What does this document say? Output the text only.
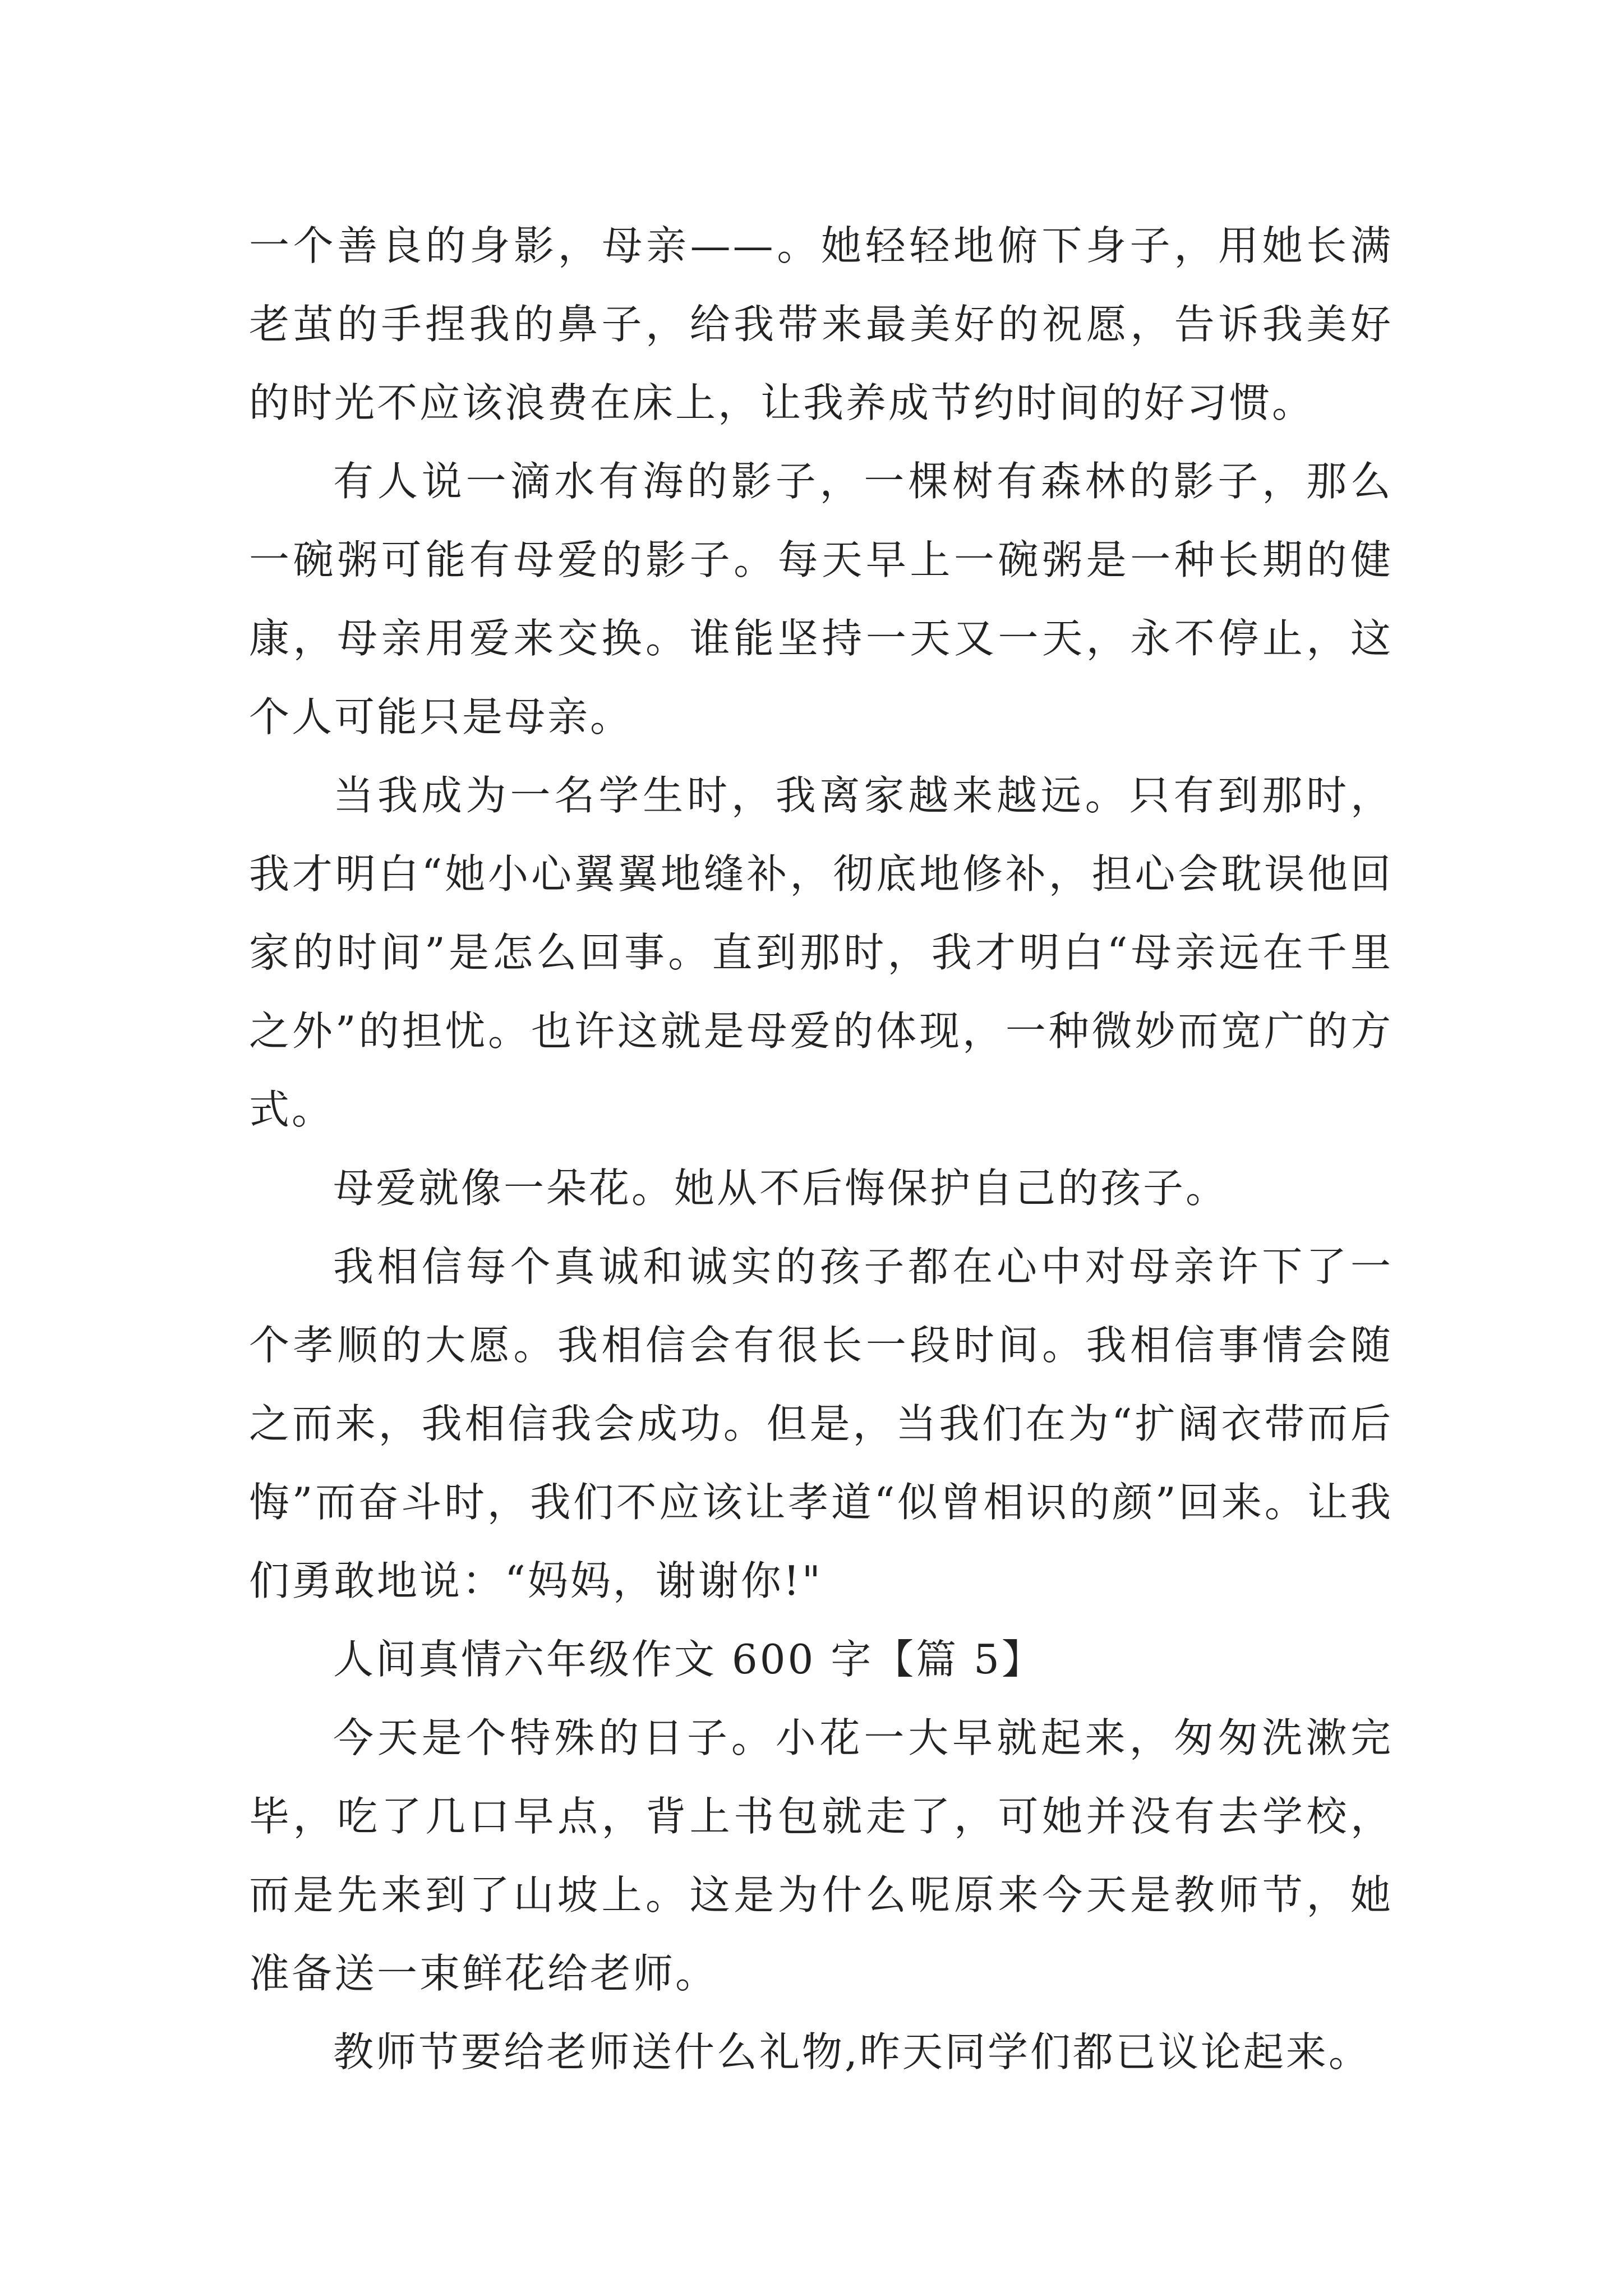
一个善良的身影，母亲——。她轻轻地俯下身子，用她长满老茧的手捏我的鼻子，给我带来最美好的祝愿，告诉我美好的时光不应该浪费在床上，让我养成节约时间的好习惯。

有人说一滴水有海的影子，一棵树有森林的影子，那么一碗粥可能有母爱的影子。每天早上一碗粥是一种长期的健康，母亲用爱来交换。谁能坚持一天又一天，永不停止，这个人可能只是母亲。

当我成为一名学生时，我离家越来越远。只有到那时，我才明白“她小心翼翼地缝补，彻底地修补，担心会耽误他回家的时间”是怎么回事。直到那时，我才明白“母亲远在千里之外”的担忧。也许这就是母爱的体现，一种微妙而宽广的方式。

母爱就像一朵花。她从不后悔保护自己的孩子。

我相信每个真诚和诚实的孩子都在心中对母亲许下了一个孝顺的大愿。我相信会有很长一段时间。我相信事情会随之而来，我相信我会成功。但是，当我们在为“扩阔衣带而后悔”而奋斗时，我们不应该让孝道“似曾相识的颜”回来。让我们勇敢地说：“妈妈，谢谢你!"

人间真情六年级作文 600 字【篇 5】

今天是个特殊的日子。小花一大早就起来，匆匆洗漱完毕，吃了几口早点，背上书包就走了，可她并没有去学校，而是先来到了山坡上。这是为什么呢原来今天是教师节，她准备送一束鲜花给老师。

教师节要给老师送什么礼物,昨天同学们都已议论起来。
